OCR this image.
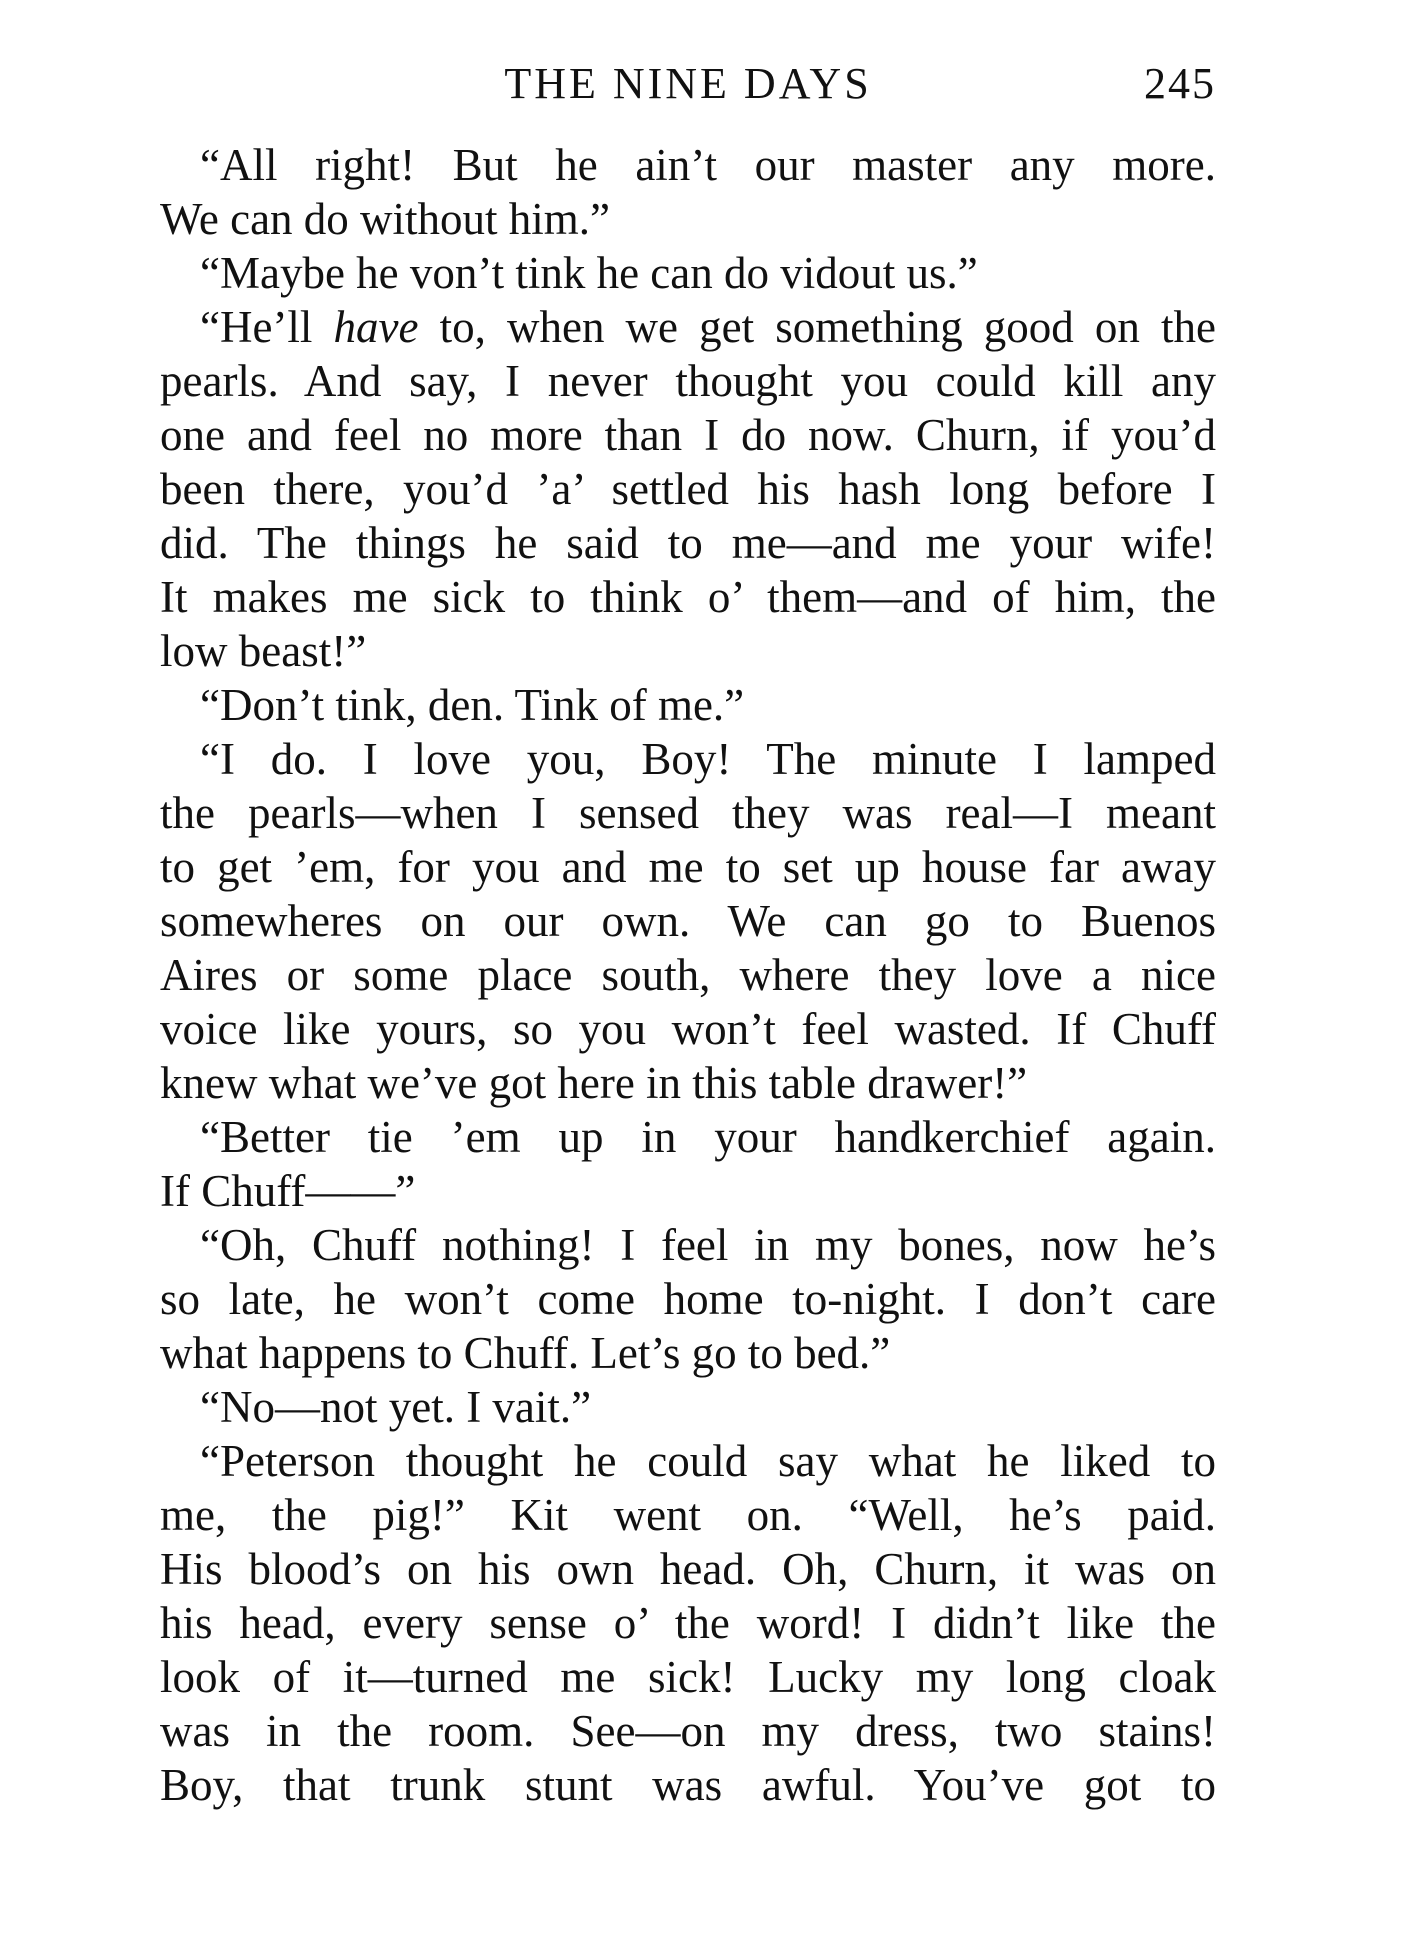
THE NINE DAYS	245
“All right! But he ain’t our master any more.
We can do without him.”
“Maybe he von’t tink he can do vidout us.”
“He’ll have to, when we get something good on the
pearls. And say, I never thought you could kill any
one and feel no more than I do now. Churn, if you’d
been there, you’d ’a’ settled his hash long before I
did. The things he said to me—and me your wife!
It makes me sick to think o’ them—and of him, the
low beast!”
“Don’t tink, den. Tink of me.”
“I do. I love you, Boy! The minute I lamped
the pearls—when I sensed they was real—I meant
to get ’em, for you and me to set up house far away
somewheres on our own. We can go to Buenos
Aires or some place south, where they love a nice
voice like yours, so you won’t feel wasted. If Chuff
knew what we’ve got here in this table drawer!”
“Better tie ’em up in your handkerchief again.
If Chuff——”
“Oh, Chuff nothing! I feel in my bones, now he’s
so late, he won’t come home to-night. I don’t care
what happens to Chuff. Let’s go to bed.”
“No—not yet. I vait.”
“Peterson thought he could say what he liked to
me, the pig!” Kit went on. “Well, he’s paid.
His blood’s on his own head. Oh, Churn, it was on
his head, every sense o’ the word! I didn’t like the
look of it—turned me sick! Lucky my long cloak
was in the room. See—on my dress, two stains!
Boy, that trunk stunt was awful. You’ve got to
